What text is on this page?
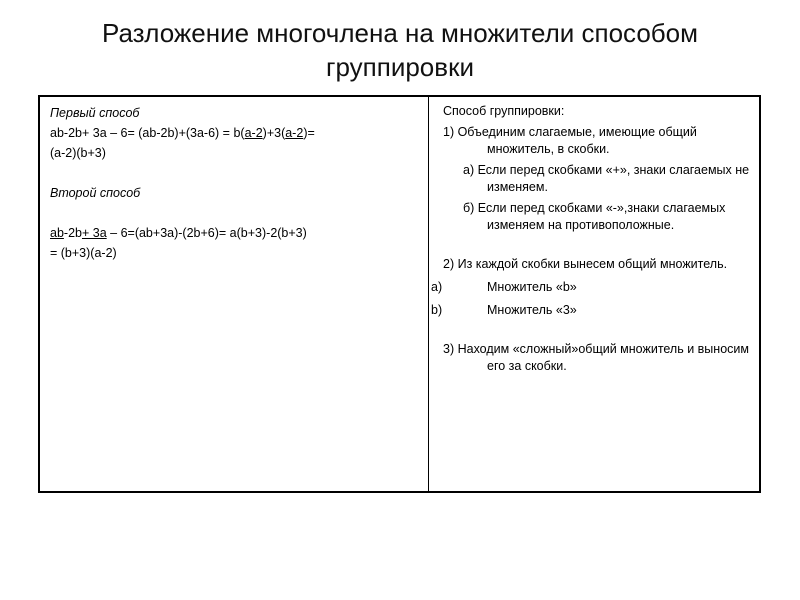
Разложение многочлена на множители способом
группировки
Первый способ
ab-2b+ 3a – 6= (ab-2b)+(3a-6) = b(a-2)+3(a-2)=
(a-2)(b+3)
Второй способ
ab-2b+ 3a – 6=(ab+3a)-(2b+6)= a(b+3)-2(b+3)
= (b+3)(a-2)
Способ группировки:
1) Объединим слагаемые, имеющие общий множитель, в скобки.
а) Если перед скобками «+», знаки слагаемых не изменяем.
б) Если перед скобками «-»,знаки слагаемых изменяем на противоположные.
2) Из каждой скобки вынесем общий множитель.
a)	Множитель «b»
b)	Множитель «3»
3) Находим «сложный»общий множитель и выносим его за скобки.
